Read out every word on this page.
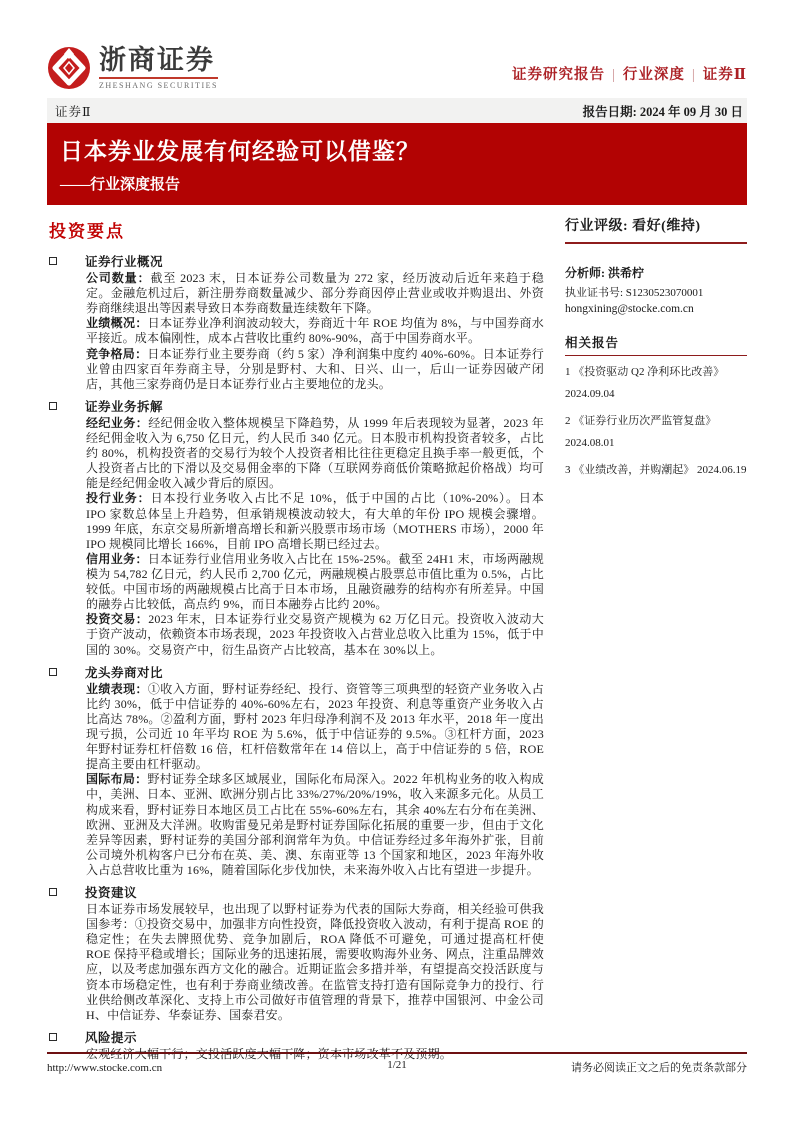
浙商证券
ZHESHANG SECURITIES
证券研究报告 | 行业深度 | 证券Ⅱ
证券Ⅱ	报告日期: 2024 年 09 月 30 日
日本券业发展有何经验可以借鉴？
——行业深度报告
投资要点
证券行业概况

公司数量：截至 2023 末，日本证券公司数量为 272 家，经历波动后近年来趋于稳定。金融危机过后，新注册券商数量减少、部分券商因停止营业或收并购退出、外资券商继续退出等因素导致日本券商数量连续数年下降。

业绩概况：日本证券业净利润波动较大，券商近十年 ROE 均值为 8%，与中国券商水平接近。成本偏刚性，成本占营收比重约 80%-90%，高于中国券商水平。

竞争格局：日本证券行业主要券商（约 5 家）净利润集中度约 40%-60%。日本证券行业曾由四家百年券商主导，分别是野村、大和、日兴、山一，后山一证券因破产闭店，其他三家券商仍是日本证券行业占主要地位的龙头。

证券业务拆解

经纪业务：经纪佣金收入整体规模呈下降趋势，从 1999 年后表现较为显著，2023 年经纪佣金收入为 6,750 亿日元，约人民币 340 亿元。日本股市机构投资者较多，占比约 80%，机构投资者的交易行为较个人投资者相比往往更稳定且换手率一般更低，个人投资者占比的下滑以及交易佣金率的下降（互联网券商低价策略掀起价格战）均可能是经纪佣金收入减少背后的原因。

投行业务：日本投行业务收入占比不足 10%，低于中国的占比（10%-20%）。日本 IPO 家数总体呈上升趋势，但承销规模波动较大，有大单的年份 IPO 规模会骤增。1999 年底，东京交易所新增高增长和新兴股票市场市场（MOTHERS 市场），2000 年 IPO 规模同比增长 166%，目前 IPO 高增长期已经过去。

信用业务：日本证券行业信用业务收入占比在 15%-25%。截至 24H1 末，市场两融规模为 54,782 亿日元，约人民币 2,700 亿元，两融规模占股票总市值比重为 0.5%，占比较低。中国市场的两融规模占比高于日本市场，且融资融券的结构亦有所差异。中国的融券占比较低，高点约 9%，而日本融券占比约 20%。

投资交易：2023 年末，日本证券行业交易资产规模为 62 万亿日元。投资收入波动大于资产波动，依赖资本市场表现，2023 年投资收入占营业总收入比重为 15%，低于中国的 30%。交易资产中，衍生品资产占比较高，基本在 30%以上。

龙头券商对比

业绩表现：①收入方面，野村证券经纪、投行、资管等三项典型的轻资产业务收入占比约 30%，低于中信证券的 40%-60%左右，2023 年投资、利息等重资产业务收入占比高达 78%。②盈利方面，野村 2023 年归母净利润不及 2013 年水平，2018 年一度出现亏损，公司近 10 年平均 ROE 为 5.6%，低于中信证券的 9.5%。③杠杆方面，2023 年野村证券杠杆倍数 16 倍，杠杆倍数常年在 14 倍以上，高于中信证券的 5 倍，ROE 提高主要由杠杆驱动。

国际布局：野村证券全球多区域展业，国际化布局深入。2022 年机构业务的收入构成中，美洲、日本、亚洲、欧洲分别占比 33%/27%/20%/19%，收入来源多元化。从员工构成来看，野村证券日本地区员工占比在 55%-60%左右，其余 40%左右分布在美洲、欧洲、亚洲及大洋洲。收购雷曼兄弟是野村证券国际化拓展的重要一步，但由于文化差异等因素，野村证券的美国分部利润常年为负。中信证券经过多年海外扩张，目前公司境外机构客户已分布在英、美、澳、东南亚等 13 个国家和地区，2023 年海外收入占总营收比重为 16%，随着国际化步伐加快，未来海外收入占比有望进一步提升。

投资建议

日本证券市场发展较早，也出现了以野村证券为代表的国际大券商，相关经验可供我国参考：①投资交易中，加强非方向性投资，降低投资收入波动，有利于提高 ROE 的稳定性；在失去牌照优势、竞争加剧后，ROA 降低不可避免，可通过提高杠杆使 ROE 保持平稳或增长；国际业务的迅速拓展，需要收购海外业务、网点，注重品牌效应，以及考虑加强东西方文化的融合。近期证监会多措并举，有望提高交投活跃度与资本市场稳定性，也有利于券商业绩改善。在监管支持打造有国际竞争力的投行、行业供给侧改革深化、支持上市公司做好市值管理的背景下，推荐中国银河、中金公司 H、中信证券、华泰证券、国泰君安。

风险提示

宏观经济大幅下行；交投活跃度大幅下降；资本市场改革不及预期。

行业评级: 看好(维持)
分析师: 洪希柠
执业证书号: S1230523070001
hongxining@stocke.com.cn
相关报告
1 《投资驱动 Q2 净利环比改善》 2024.09.04
2 《证券行业历次严监管复盘》 2024.08.01
3 《业绩改善，并购潮起》 2024.06.19
http://www.stocke.com.cn	1/21	请务必阅读正文之后的免责条款部分
